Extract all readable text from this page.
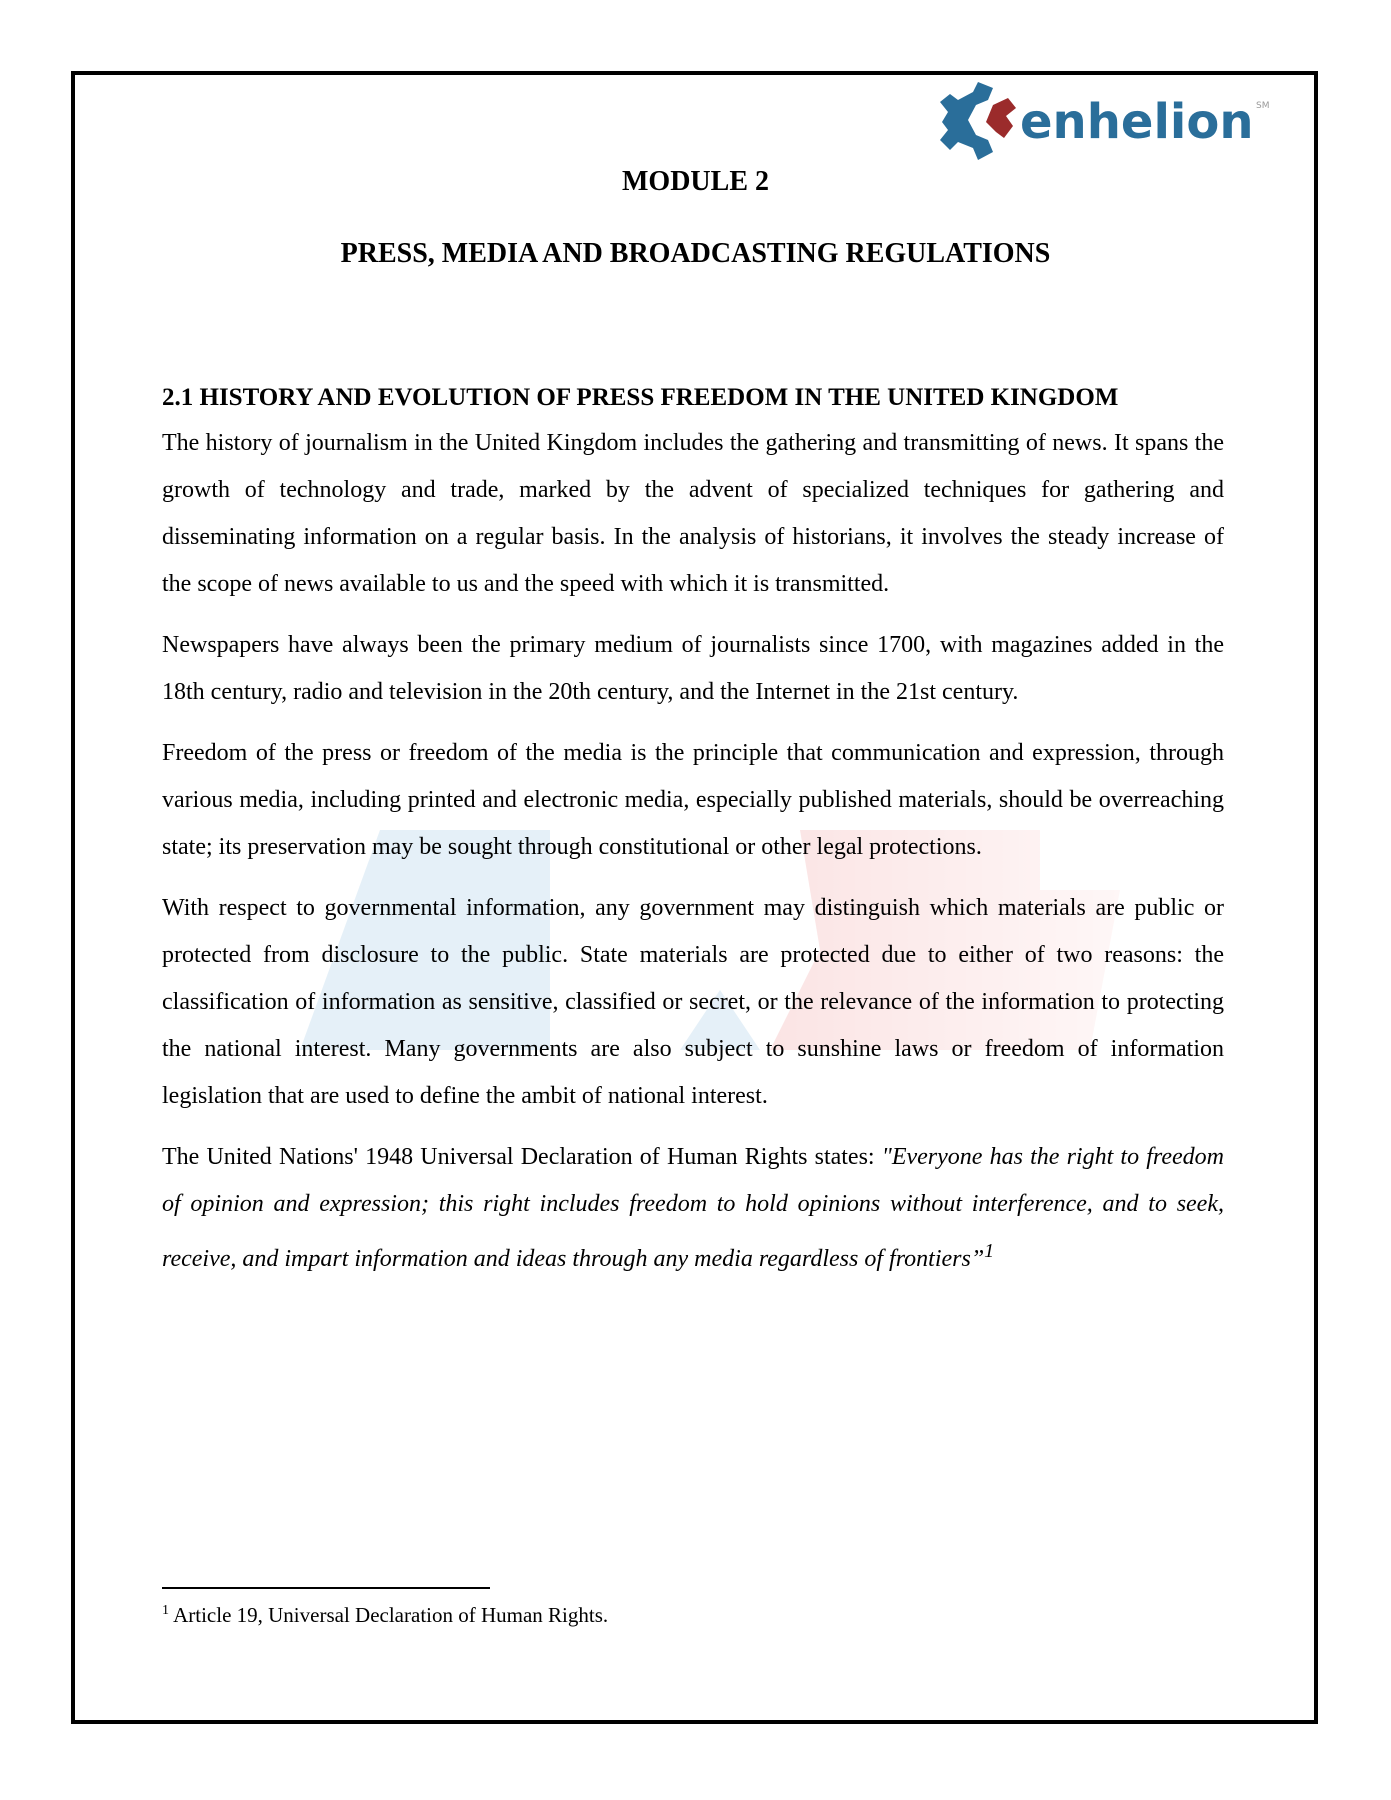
enhelion SM
MODULE 2
PRESS, MEDIA AND BROADCASTING REGULATIONS
2.1 HISTORY AND EVOLUTION OF PRESS FREEDOM IN THE UNITED KINGDOM

The history of journalism in the United Kingdom includes the gathering and transmitting of news. It spans the growth of technology and trade, marked by the advent of specialized techniques for gathering and disseminating information on a regular basis. In the analysis of historians, it involves the steady increase of the scope of news available to us and the speed with which it is transmitted.

Newspapers have always been the primary medium of journalists since 1700, with magazines added in the 18th century, radio and television in the 20th century, and the Internet in the 21st century.

Freedom of the press or freedom of the media is the principle that communication and expression, through various media, including printed and electronic media, especially published materials, should be overreaching state; its preservation may be sought through constitutional or other legal protections.

With respect to governmental information, any government may distinguish which materials are public or protected from disclosure to the public. State materials are protected due to either of two reasons: the classification of information as sensitive, classified or secret, or the relevance of the information to protecting the national interest. Many governments are also subject to sunshine laws or freedom of information legislation that are used to define the ambit of national interest.

The United Nations' 1948 Universal Declaration of Human Rights states: "Everyone has the right to freedom of opinion and expression; this right includes freedom to hold opinions without interference, and to seek, receive, and impart information and ideas through any media regardless of frontiers”$^1$

$^1$ Article 19, Universal Declaration of Human Rights.
